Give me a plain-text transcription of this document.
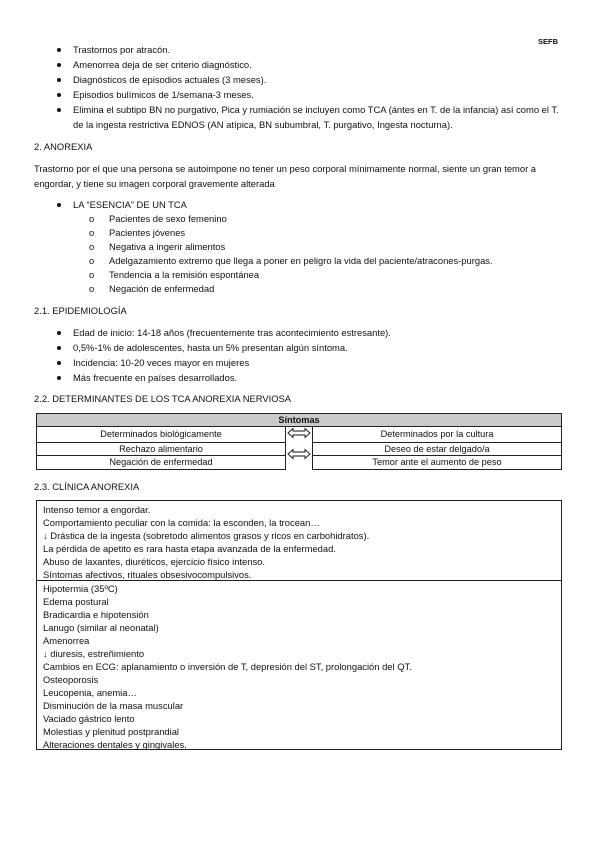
SEFB
Trastornos por atracón.
Amenorrea deja de ser criterio diagnóstico.
Diagnósticos de episodios actuales (3 meses).
Episodios bulímicos de 1/semana-3 meses.
Elimina el subtipo BN no purgativo, Pica y rumiación se incluyen como TCA (ántes en T. de la infancia) así como el T.
de la ingesta restrictiva EDNOS (AN atípica, BN subumbral, T. purgativo, Ingesta nocturna).
2. ANOREXIA
Trastorno por el que una persona se autoimpone no tener un peso corporal mínimamente normal, siente un gran temor a
engordar, y tiene su imagen corporal gravemente alterada
LA “ESENCIA” DE UN TCA
o Pacientes de sexo femenino
o Pacientes jóvenes
o Negativa a ingerir alimentos
o Adelgazamiento extremo que llega a poner en peligro la vida del paciente/atracones-purgas.
o Tendencia a la remisión espontánea
o Negación de enfermedad
2.1. EPIDEMIOLOGÍA
Edad de inicio: 14-18 años (frecuentemente tras acontecimiento estresante).
0,5%-1% de adolescentes, hasta un 5% presentan algún síntoma.
Incidencia: 10-20 veces mayor en mujeres
Más frecuente en países desarrollados.
2.2. DETERMINANTES DE LOS TCA ANOREXIA NERVIOSA
Síntomas		
Determinados biológicamente		Determinados por la cultura
Rechazo alimentario		Deseo de estar delgado/a
Negación de enfermedad		Temor ante el aumento de peso
2.3. CLÍNICA ANOREXIA
Intenso temor a engordar.
Comportamiento peculiar con la comida: la esconden, la trocean…
↓ Drástica de la ingesta (sobretodo alimentos grasos y ricos en carbohidratos).
La pérdida de apetito es rara hasta etapa avanzada de la enfermedad.
Abuso de laxantes, diuréticos, ejercicio físico intenso.
Síntomas afectivos, rituales obsesivocompulsivos.
Hipotermia (35ºC)
Edema postural
Bradicardia e hipotensión
Lanugo (similar al neonatal)
Amenorrea
↓ diuresis, estreñimiento
Cambios en ECG: aplanamiento o inversión de T, depresión del ST, prolongación del QT.
Osteoporosis
Leucopenia, anemia…
Disminución de la masa muscular
Vaciado gástrico lento
Molestias y plenitud postprandial
Alteraciones dentales y gingivales.
